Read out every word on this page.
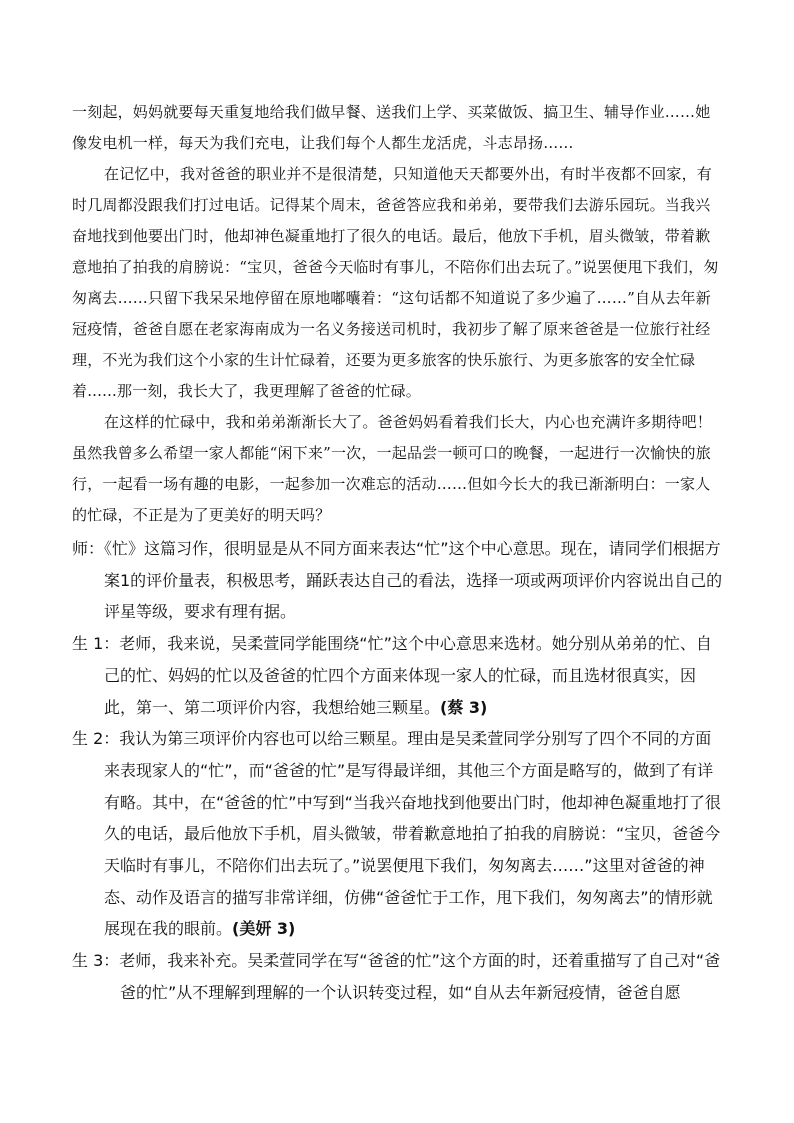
一刻起，妈妈就要每天重复地给我们做早餐、送我们上学、买菜做饭、搞卫生、辅导作业……她像发电机一样，每天为我们充电，让我们每个人都生龙活虎，斗志昂扬……

在记忆中，我对爸爸的职业并不是很清楚，只知道他天天都要外出，有时半夜都不回家，有时几周都没跟我们打过电话。记得某个周末，爸爸答应我和弟弟，要带我们去游乐园玩。当我兴奋地找到他要出门时，他却神色凝重地打了很久的电话。最后，他放下手机，眉头微皱，带着歉意地拍了拍我的肩膀说：“宝贝，爸爸今天临时有事儿，不陪你们出去玩了。”说罢便甩下我们，匆匆离去……只留下我呆呆地停留在原地嘟囔着：“这句话都不知道说了多少遍了……”自从去年新冠疫情，爸爸自愿在老家海南成为一名义务接送司机时，我初步了解了原来爸爸是一位旅行社经理，不光为我们这个小家的生计忙碌着，还要为更多旅客的快乐旅行、为更多旅客的安全忙碌着......那一刻，我长大了，我更理解了爸爸的忙碌。

在这样的忙碌中，我和弟弟渐渐长大了。爸爸妈妈看着我们长大，内心也充满许多期待吧！虽然我曾多么希望一家人都能“闲下来”一次，一起品尝一顿可口的晚餐，一起进行一次愉快的旅行，一起看一场有趣的电影，一起参加一次难忘的活动……但如今长大的我已渐渐明白：一家人的忙碌，不正是为了更美好的明天吗？

师：《忙》这篇习作，很明显是从不同方面来表达“忙”这个中心意思。现在，请同学们根据方案1的评价量表，积极思考，踊跃表达自己的看法，选择一项或两项评价内容说出自己的评星等级，要求有理有据。

生 1：老师，我来说，吴柔萱同学能围绕“忙”这个中心意思来选材。她分别从弟弟的忙、自己的忙、妈妈的忙以及爸爸的忙四个方面来体现一家人的忙碌，而且选材很真实，因此，第一、第二项评价内容，我想给她三颗星。(蔡 3)

生 2：我认为第三项评价内容也可以给三颗星。理由是吴柔萱同学分别写了四个不同的方面来表现家人的“忙”，而“爸爸的忙”是写得最详细，其他三个方面是略写的，做到了有详有略。其中，在“爸爸的忙”中写到“当我兴奋地找到他要出门时，他却神色凝重地打了很久的电话，最后他放下手机，眉头微皱，带着歉意地拍了拍我的肩膀说：“宝贝，爸爸今天临时有事儿，不陪你们出去玩了。”说罢便甩下我们，匆匆离去……”这里对爸爸的神态、动作及语言的描写非常详细，仿佛“爸爸忙于工作，甩下我们，匆匆离去”的情形就展现在我的眼前。(美妍 3)

生 3：老师，我来补充。吴柔萱同学在写“爸爸的忙”这个方面的时，还着重描写了自己对“爸爸的忙”从不理解到理解的一个认识转变过程，如“自从去年新冠疫情，爸爸自愿
